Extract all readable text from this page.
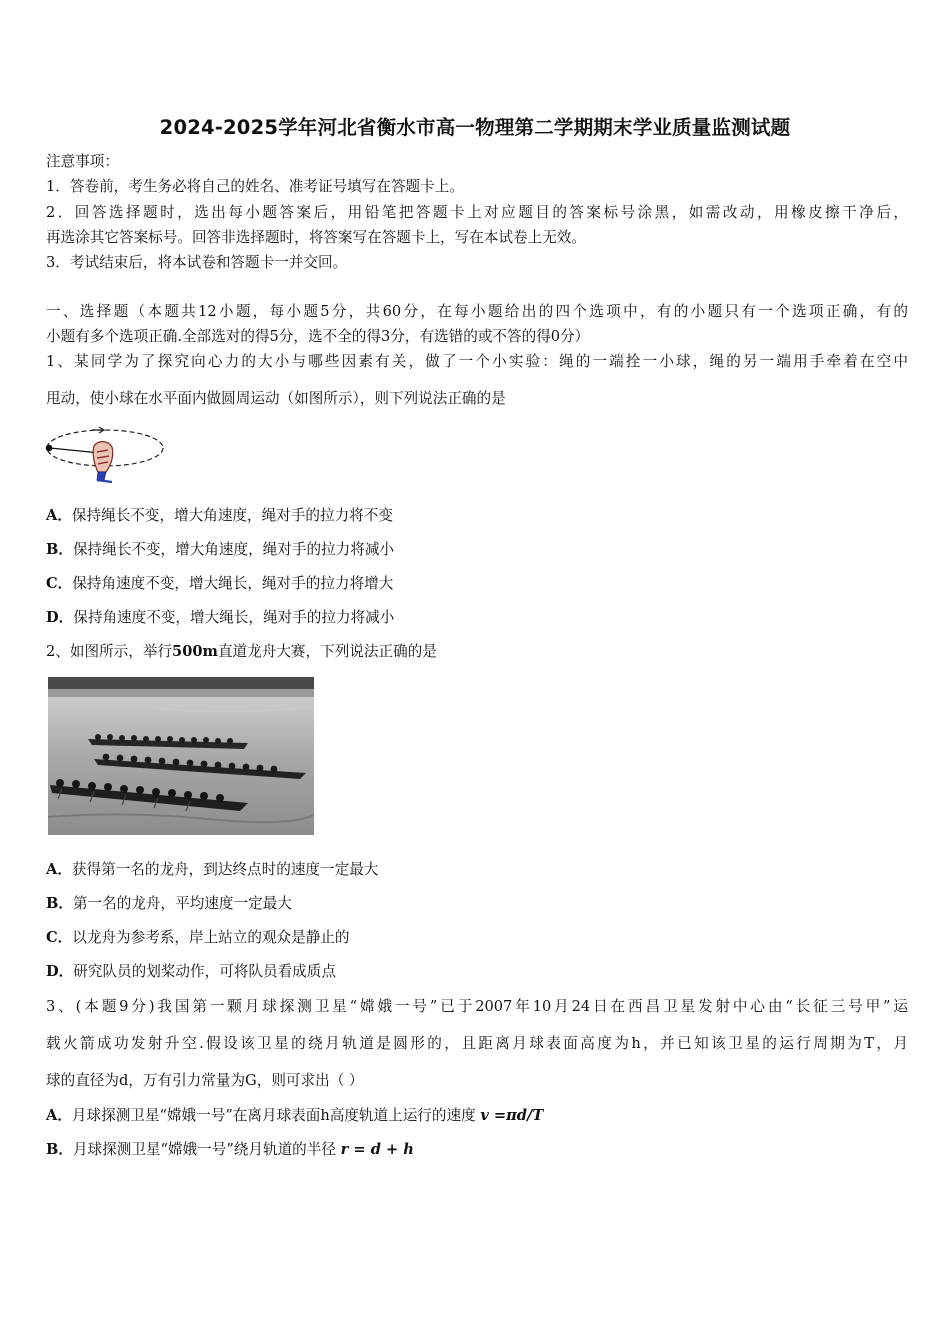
2024-2025学年河北省衡水市高一物理第二学期期末学业质量监测试题
注意事项：
1．答卷前，考生务必将自己的姓名、准考证号填写在答题卡上。
2．回答选择题时，选出每小题答案后，用铅笔把答题卡上对应题目的答案标号涂黑，如需改动，用橡皮擦干净后，
再选涂其它答案标号。回答非选择题时，将答案写在答题卡上，写在本试卷上无效。
3．考试结束后，将本试卷和答题卡一并交回。
一、选择题（本题共12小题，每小题5分，共60分，在每小题给出的四个选项中，有的小题只有一个选项正确，有的
小题有多个选项正确.全部选对的得5分，选不全的得3分，有选错的或不答的得0分）
1、某同学为了探究向心力的大小与哪些因素有关，做了一个小实验：绳的一端拴一小球，绳的另一端用手牵着在空中
甩动，使小球在水平面内做圆周运动（如图所示），则下列说法正确的是
A．保持绳长不变，增大角速度，绳对手的拉力将不变
B．保持绳长不变，增大角速度，绳对手的拉力将减小
C．保持角速度不变，增大绳长，绳对手的拉力将增大
D．保持角速度不变，增大绳长，绳对手的拉力将减小
2、如图所示，举行500m直道龙舟大赛，下列说法正确的是
A．获得第一名的龙舟，到达终点时的速度一定最大
B．第一名的龙舟，平均速度一定最大
C．以龙舟为参考系，岸上站立的观众是静止的
D．研究队员的划桨动作，可将队员看成质点
3、(本题9分)我国第一颗月球探测卫星“嫦娥一号”已于2007年10月24日在西昌卫星发射中心由“长征三号甲”运
载火箭成功发射升空.假设该卫星的绕月轨道是圆形的，且距离月球表面高度为h，并已知该卫星的运行周期为T，月
球的直径为d，万有引力常量为G，则可求出（ ）
A．月球探测卫星“嫦娥一号”在离月球表面h高度轨道上运行的速度 v =πd/T
B．月球探测卫星“嫦娥一号”绕月轨道的半径 r = d + h
